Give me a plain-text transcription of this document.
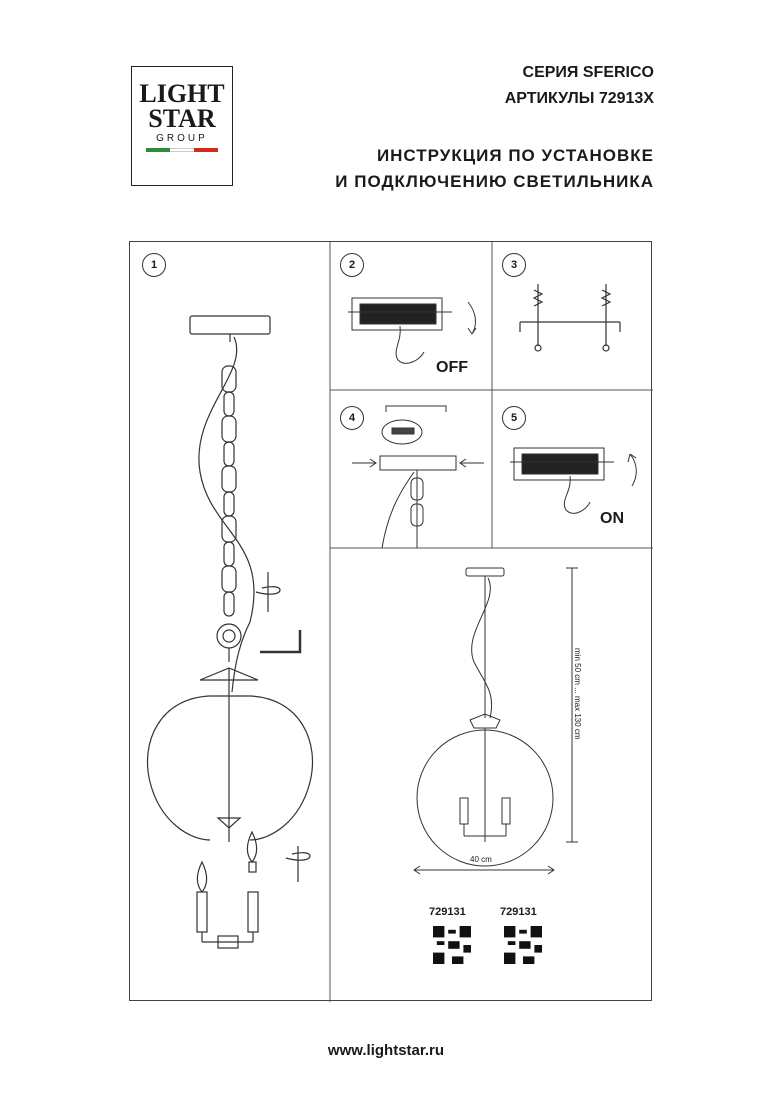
LIGHT
STAR
GROUP
СЕРИЯ SFERICO
АРТИКУЛЫ 72913X
ИНСТРУКЦИЯ ПО УСТАНОВКЕ
И ПОДКЛЮЧЕНИЮ СВЕТИЛЬНИКА
1	2	3
4	5
OFF
ON
min 50 cm ... max 130 cm
40 cm
729131	729131
www.lightstar.ru
